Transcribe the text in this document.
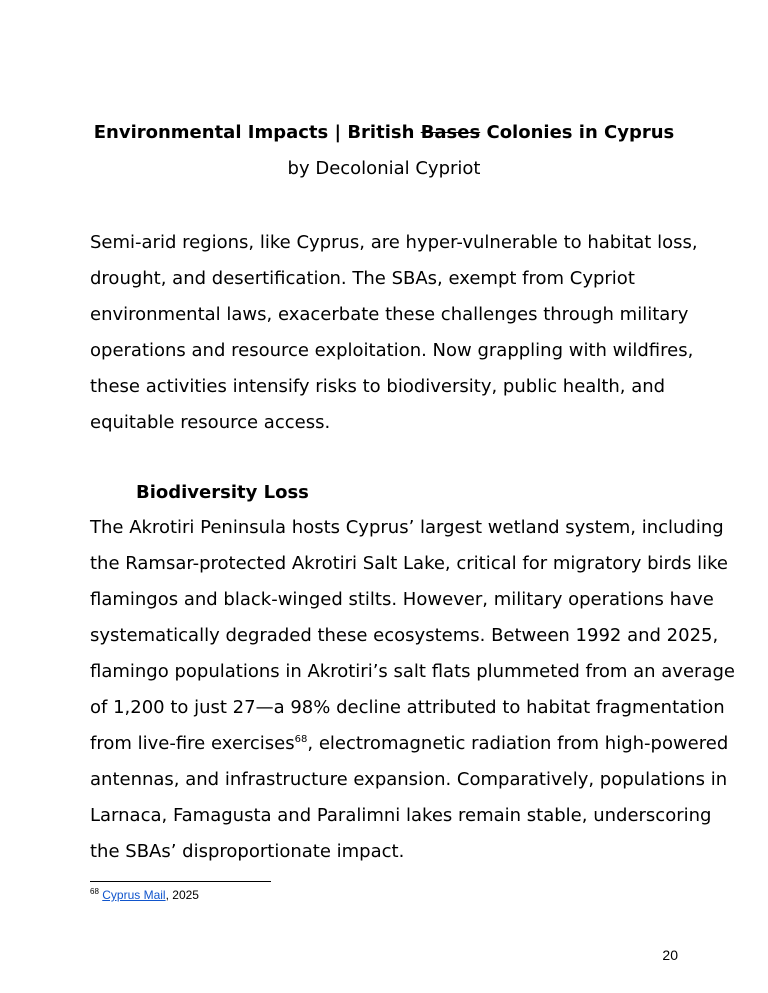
Environmental Impacts | British Bases Colonies in Cyprus
by Decolonial Cypriot
Semi-arid regions, like Cyprus, are hyper-vulnerable to habitat loss,
drought, and desertification. The SBAs, exempt from Cypriot
environmental laws, exacerbate these challenges through military
operations and resource exploitation. Now grappling with wildfires,
these activities intensify risks to biodiversity, public health, and
equitable resource access.
Biodiversity Loss
The Akrotiri Peninsula hosts Cyprus’ largest wetland system, including
the Ramsar-protected Akrotiri Salt Lake, critical for migratory birds like
flamingos and black-winged stilts. However, military operations have
systematically degraded these ecosystems. Between 1992 and 2025,
flamingo populations in Akrotiri’s salt flats plummeted from an average
of 1,200 to just 27—a 98% decline attributed to habitat fragmentation
from live-fire exercises$^{68}$, electromagnetic radiation from high-powered
antennas, and infrastructure expansion. Comparatively, populations in
Larnaca, Famagusta and Paralimni lakes remain stable, underscoring
the SBAs’ disproportionate impact.
$^{68}$ Cyprus Mail, 2025
20
